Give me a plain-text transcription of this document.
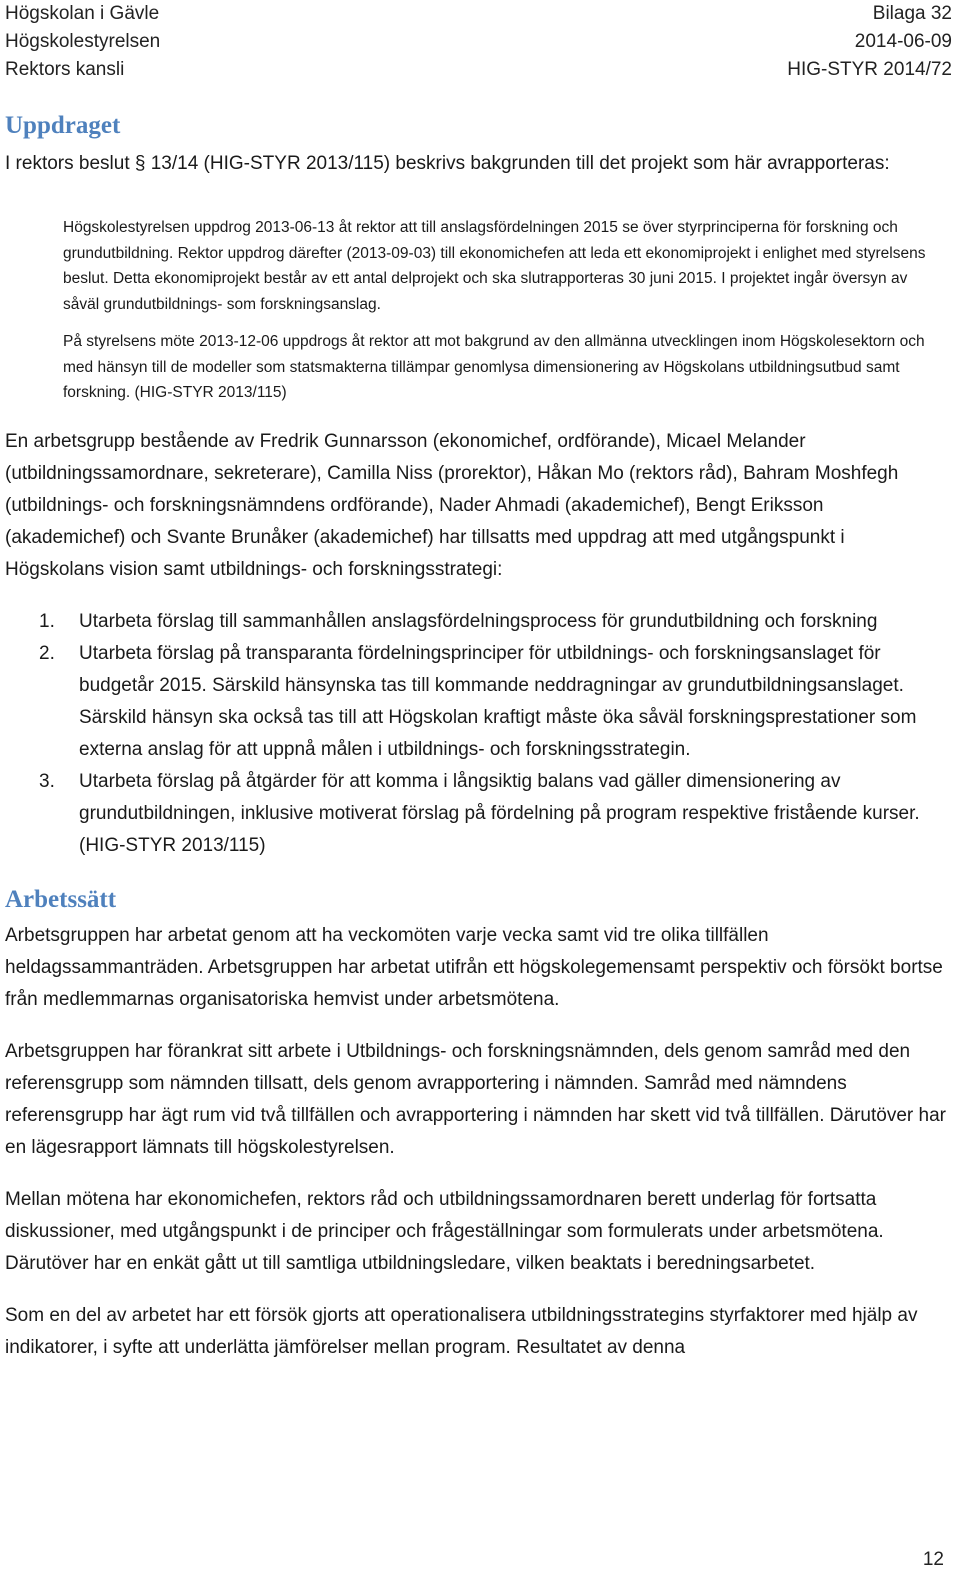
Högskolan i Gävle	Bilaga 32
Högskolestyrelsen	2014-06-09
Rektors kansli	HIG-STYR 2014/72
Uppdraget

I rektors beslut § 13/14 (HIG-STYR 2013/115) beskrivs bakgrunden till det projekt som här avrapporteras:

Högskolestyrelsen uppdrog 2013-06-13 åt rektor att till anslagsfördelningen 2015 se över styrprinciperna för forskning och grundutbildning. Rektor uppdrog därefter (2013-09-03) till ekonomichefen att leda ett ekonomiprojekt i enlighet med styrelsens beslut. Detta ekonomiprojekt består av ett antal delprojekt och ska slutrapporteras 30 juni 2015. I projektet ingår översyn av såväl grundutbildnings- som forskningsanslag.

På styrelsens möte 2013-12-06 uppdrogs åt rektor att mot bakgrund av den allmänna utvecklingen inom Högskolesektorn och med hänsyn till de modeller som statsmakterna tillämpar genomlysa dimensionering av Högskolans utbildningsutbud samt forskning. (HIG-STYR 2013/115)

En arbetsgrupp bestående av Fredrik Gunnarsson (ekonomichef, ordförande), Micael Melander (utbildningssamordnare, sekreterare), Camilla Niss (prorektor), Håkan Mo (rektors råd), Bahram Moshfegh (utbildnings- och forskningsnämndens ordförande), Nader Ahmadi (akademichef), Bengt Eriksson (akademichef) och Svante Brunåker (akademichef) har tillsatts med uppdrag att med utgångspunkt i Högskolans vision samt utbildnings- och forskningsstrategi:

1. Utarbeta förslag till sammanhållen anslagsfördelningsprocess för grundutbildning och forskning
2. Utarbeta förslag på transparanta fördelningsprinciper för utbildnings- och forskningsanslaget för budgetår 2015. Särskild hänsynska tas till kommande neddragningar av grundutbildningsanslaget. Särskild hänsyn ska också tas till att Högskolan kraftigt måste öka såväl forskningsprestationer som externa anslag för att uppnå målen i utbildnings- och forskningsstrategin.
3. Utarbeta förslag på åtgärder för att komma i långsiktig balans vad gäller dimensionering av grundutbildningen, inklusive motiverat förslag på fördelning på program respektive fristående kurser.
(HIG-STYR 2013/115)
Arbetssätt

Arbetsgruppen har arbetat genom att ha veckomöten varje vecka samt vid tre olika tillfällen heldagssammanträden. Arbetsgruppen har arbetat utifrån ett högskolegemensamt perspektiv och försökt bortse från medlemmarnas organisatoriska hemvist under arbetsmötena.

Arbetsgruppen har förankrat sitt arbete i Utbildnings- och forskningsnämnden, dels genom samråd med den referensgrupp som nämnden tillsatt, dels genom avrapportering i nämnden. Samråd med nämndens referensgrupp har ägt rum vid två tillfällen och avrapportering i nämnden har skett vid två tillfällen. Därutöver har en lägesrapport lämnats till högskolestyrelsen.

Mellan mötena har ekonomichefen, rektors råd och utbildningssamordnaren berett underlag för fortsatta diskussioner, med utgångspunkt i de principer och frågeställningar som formulerats under arbetsmötena. Därutöver har en enkät gått ut till samtliga utbildningsledare, vilken beaktats i beredningsarbetet.

Som en del av arbetet har ett försök gjorts att operationalisera utbildningsstrategins styrfaktorer med hjälp av indikatorer, i syfte att underlätta jämförelser mellan program. Resultatet av denna

12
